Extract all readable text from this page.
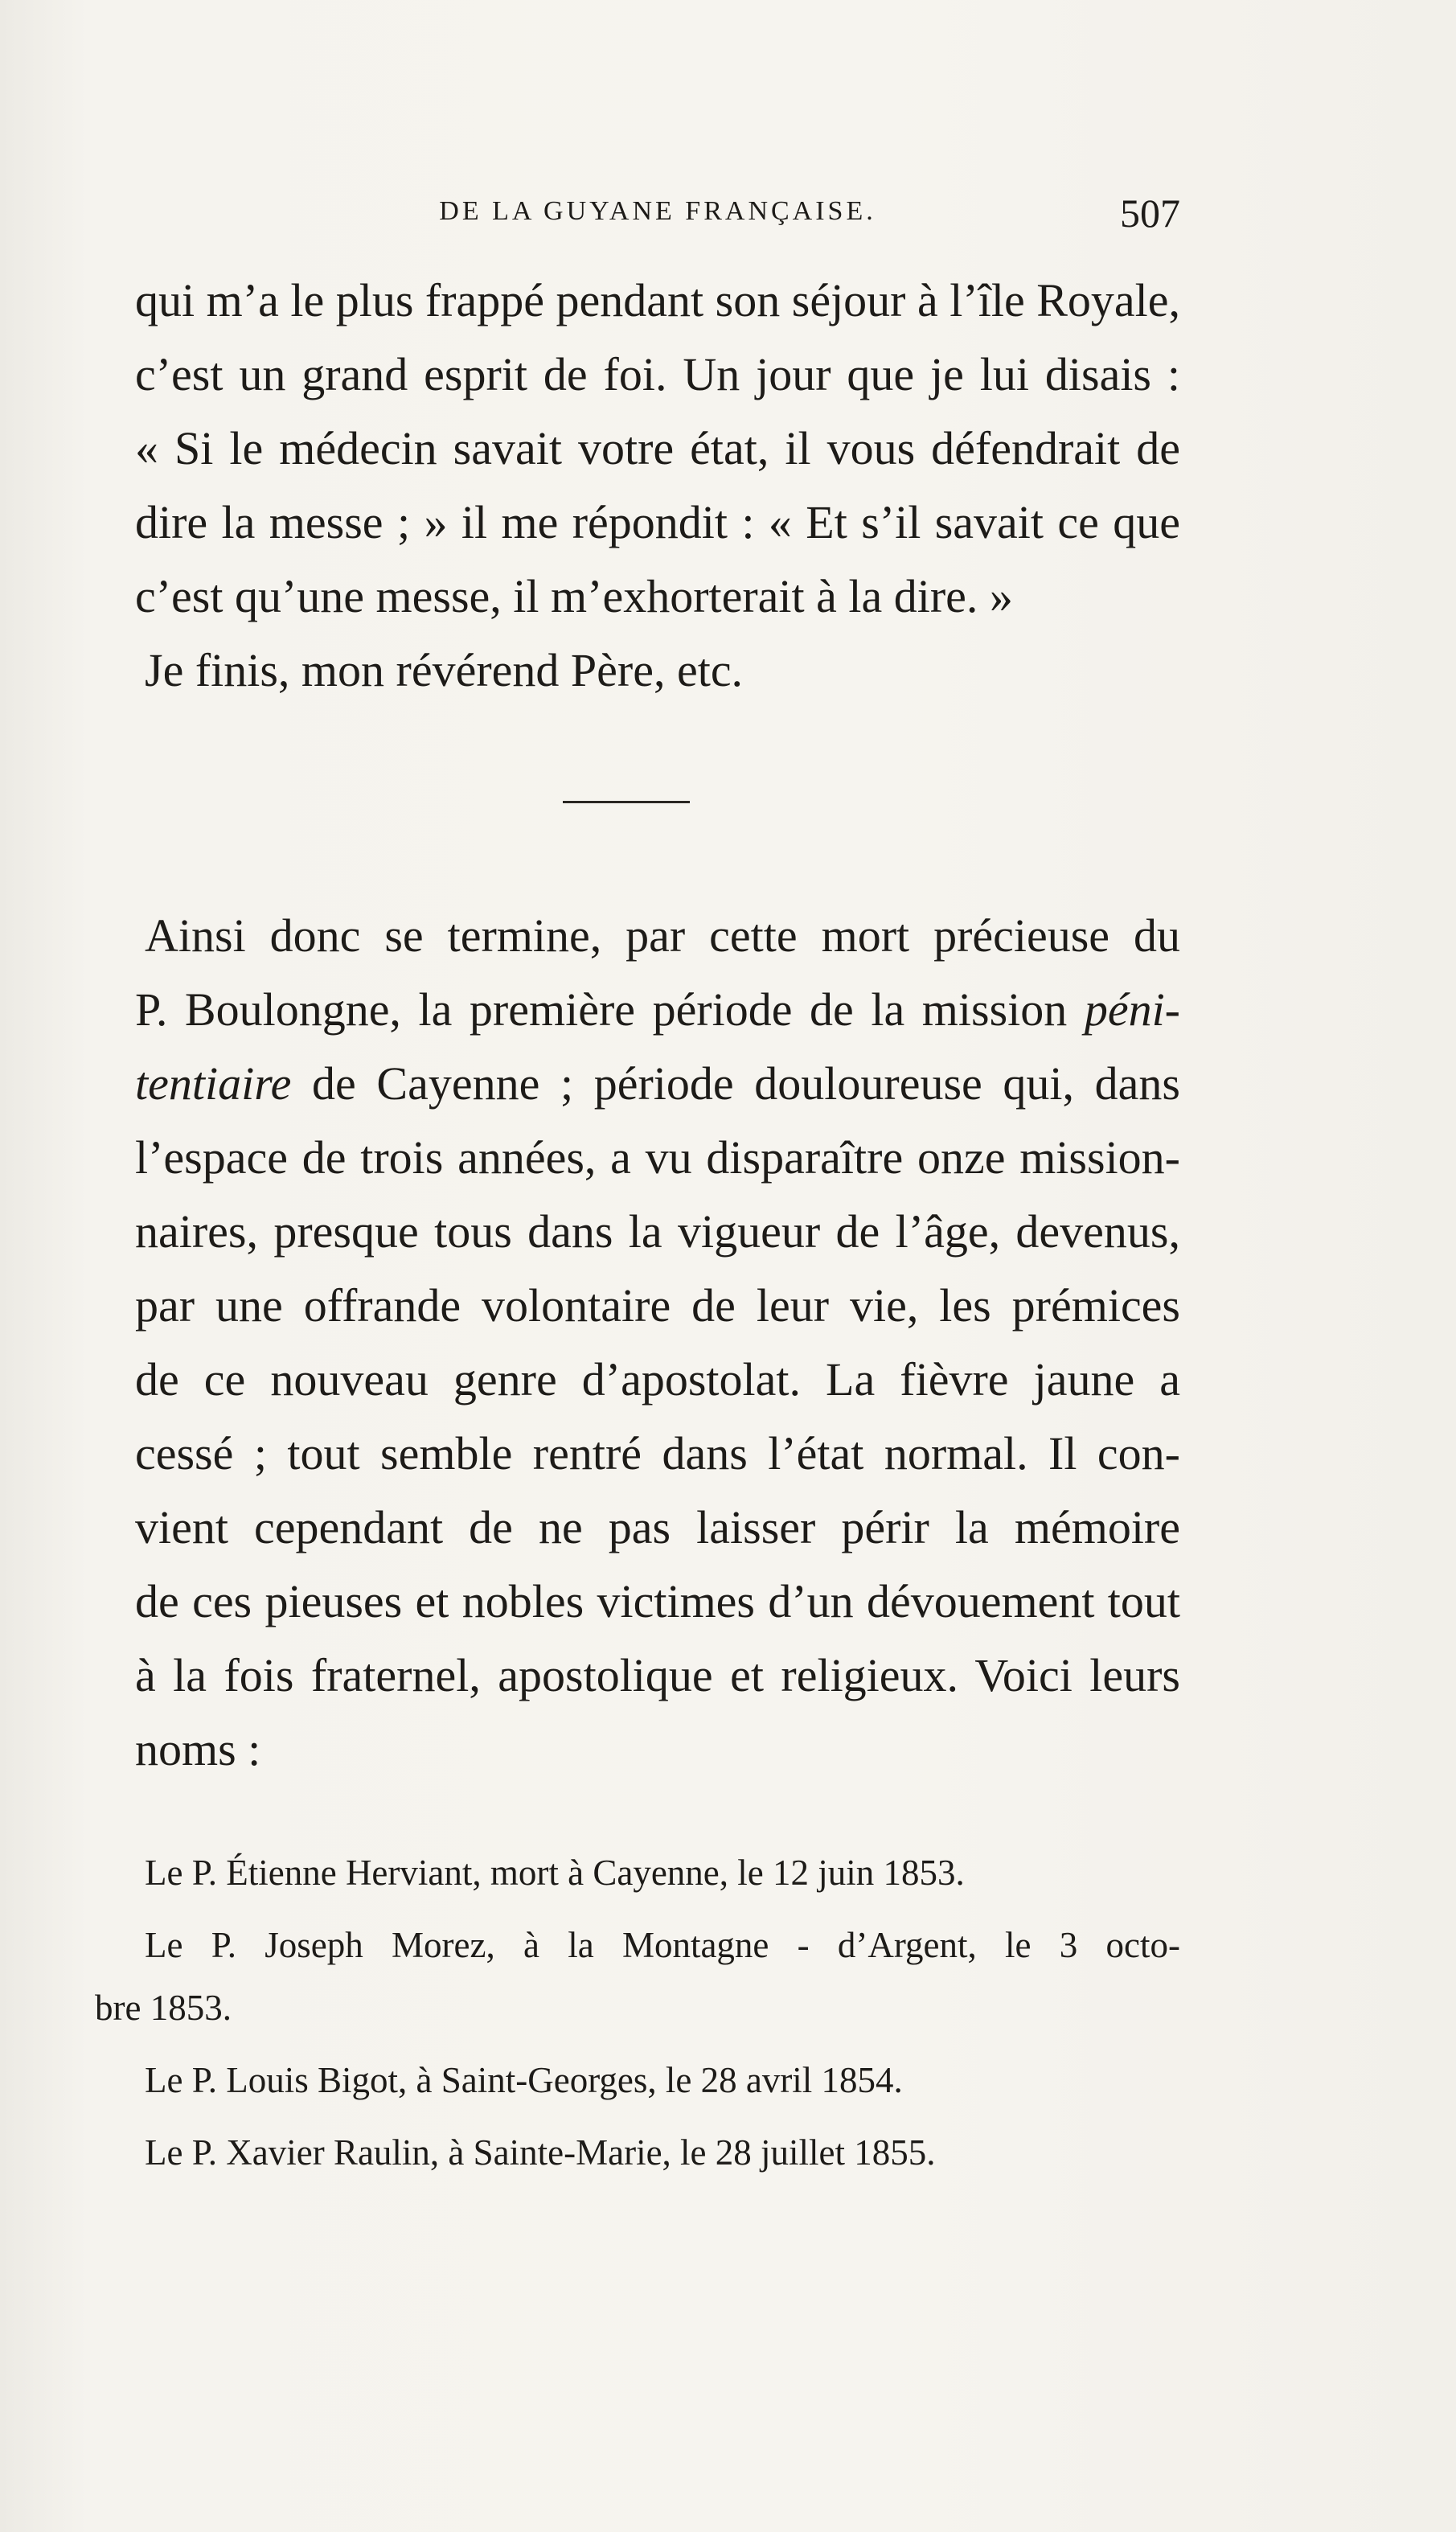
DE LA GUYANE FRANÇAISE.	507
qui m’a le plus frappé pendant son séjour à l’île Royale,
c’est un grand esprit de foi. Un jour que je lui disais :
« Si le médecin savait votre état, il vous défendrait de
dire la messe ; » il me répondit : « Et s’il savait ce que
c’est qu’une messe, il m’exhorterait à la dire. »
Je finis, mon révérend Père, etc.
Ainsi donc se termine, par cette mort précieuse du
P. Boulongne, la première période de la mission péni-
tentiaire de Cayenne ; période douloureuse qui, dans
l’espace de trois années, a vu disparaître onze mission-
naires, presque tous dans la vigueur de l’âge, devenus,
par une offrande volontaire de leur vie, les prémices
de ce nouveau genre d’apostolat. La fièvre jaune a
cessé ; tout semble rentré dans l’état normal. Il con-
vient cependant de ne pas laisser périr la mémoire
de ces pieuses et nobles victimes d’un dévouement tout
à la fois fraternel, apostolique et religieux. Voici leurs
noms :
Le P. Étienne Herviant, mort à Cayenne, le 12 juin 1853.
Le P. Joseph Morez, à la Montagne - d’Argent, le 3 octo-
bre 1853.
Le P. Louis Bigot, à Saint-Georges, le 28 avril 1854.
Le P. Xavier Raulin, à Sainte-Marie, le 28 juillet 1855.
